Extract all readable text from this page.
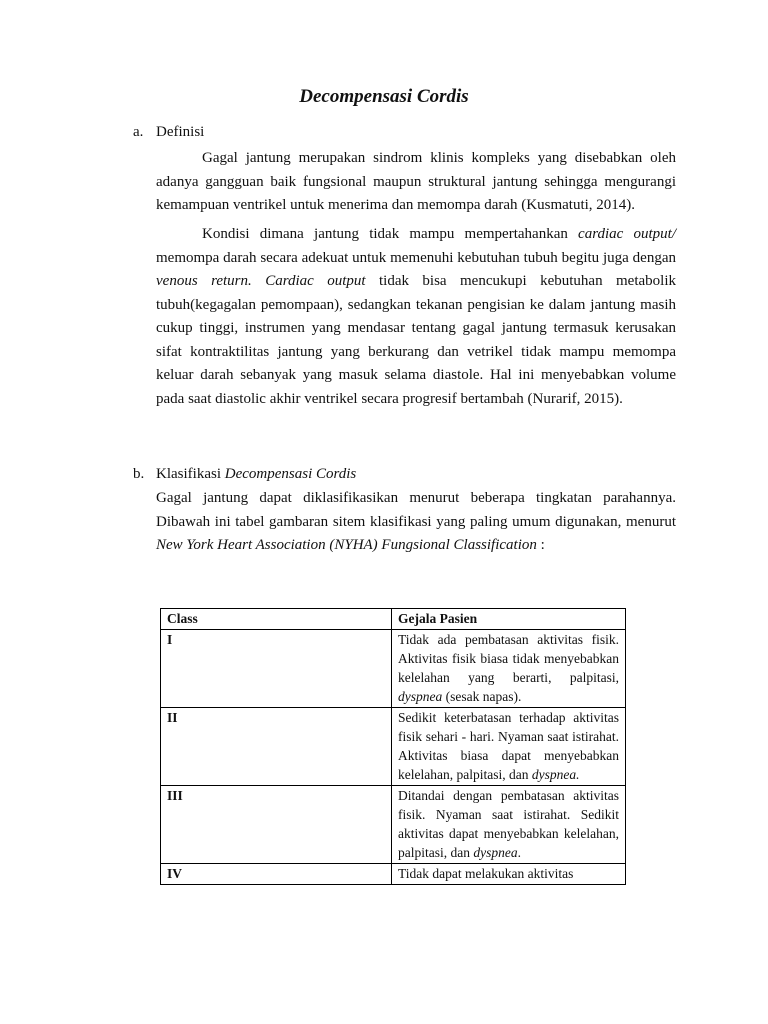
Decompensasi Cordis
a. Definisi

Gagal jantung merupakan sindrom klinis kompleks yang disebabkan oleh adanya gangguan baik fungsional maupun struktural jantung sehingga mengurangi kemampuan ventrikel untuk menerima dan memompa darah (Kusmatuti, 2014).

Kondisi dimana jantung tidak mampu mempertahankan cardiac output/ memompa darah secara adekuat untuk memenuhi kebutuhan tubuh begitu juga dengan venous return. Cardiac output tidak bisa mencukupi kebutuhan metabolik tubuh(kegagalan pemompaan), sedangkan tekanan pengisian ke dalam jantung masih cukup tinggi, instrumen yang mendasar tentang gagal jantung termasuk kerusakan sifat kontraktilitas jantung yang berkurang dan vetrikel tidak mampu memompa keluar darah sebanyak yang masuk selama diastole. Hal ini menyebabkan volume pada saat diastolic akhir ventrikel secara progresif bertambah (Nurarif, 2015).

b. Klasifikasi Decompensasi Cordis

Gagal jantung dapat diklasifikasikan menurut beberapa tingkatan parahannya. Dibawah ini tabel gambaran sitem klasifikasi yang paling umum digunakan, menurut New York Heart Association (NYHA) Fungsional Classification :

Class	Gejala Pasien
I	Tidak ada pembatasan aktivitas fisik. Aktivitas fisik biasa tidak menyebabkan kelelahan yang berarti, palpitasi, dyspnea (sesak napas).
II	Sedikit keterbatasan terhadap aktivitas fisik sehari - hari. Nyaman saat istirahat. Aktivitas biasa dapat menyebabkan kelelahan, palpitasi, dan dyspnea.
III	Ditandai dengan pembatasan aktivitas fisik. Nyaman saat istirahat. Sedikit aktivitas dapat menyebabkan kelelahan, palpitasi, dan dyspnea.
IV	Tidak dapat melakukan aktivitas
